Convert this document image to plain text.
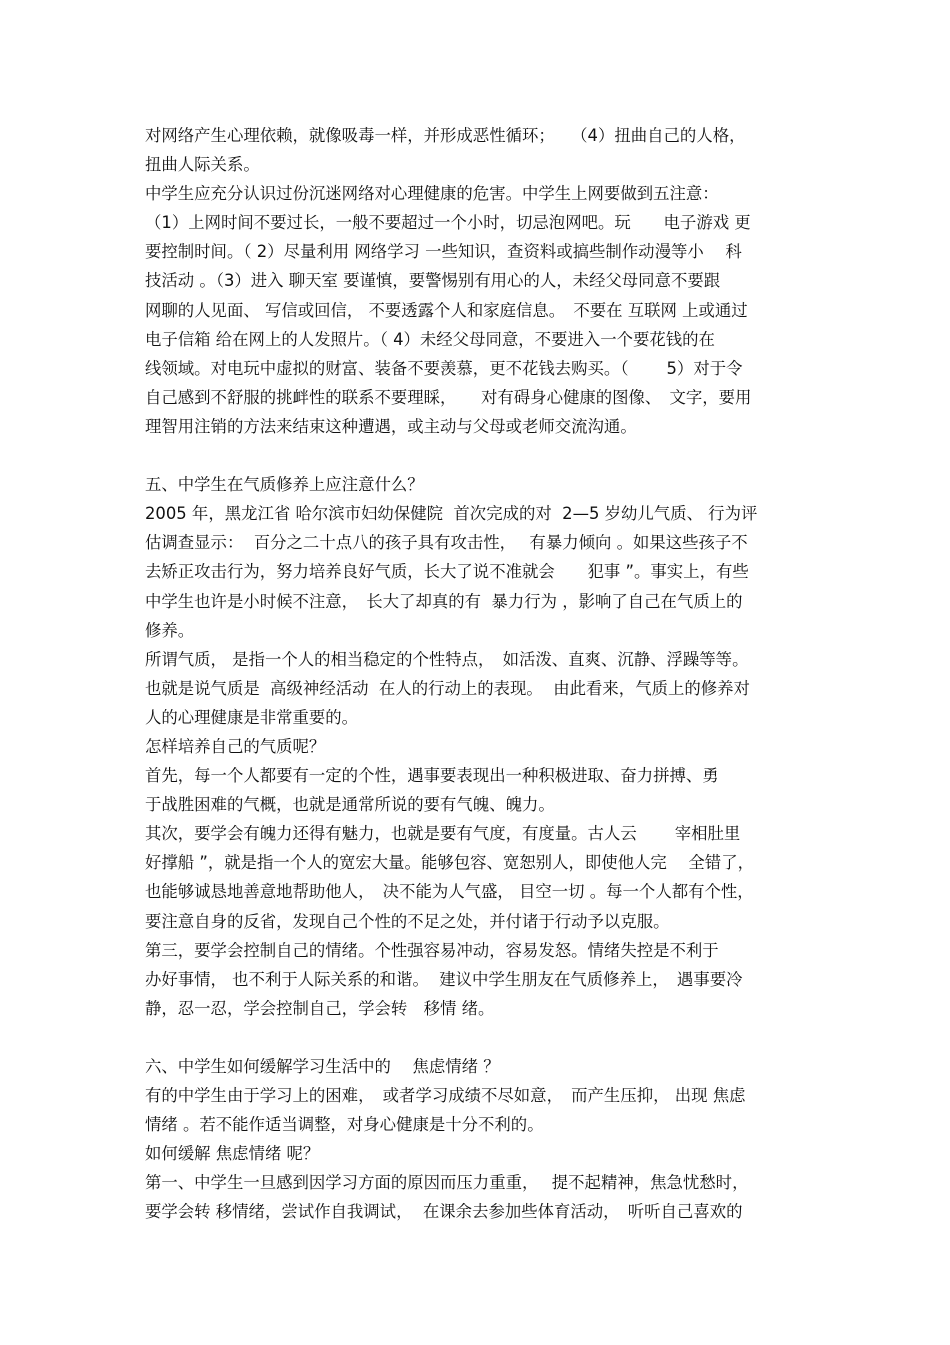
对网络产生心理依赖，就像吸毒一样，并形成恶性循环；　　（4）扭曲自己的人格，
扭曲人际关系。
中学生应充分认识过份沉迷网络对心理健康的危害。中学生上网要做到五注意：
（1）上网时间不要过长，一般不要超过一个小时，切忌泡网吧。玩　　电子游戏 更
要控制时间。（ 2）尽量利用 网络学习 一些知识，查资料或搞些制作动漫等小　 科
技活动 。（3）进入 聊天室 要谨慎，要警惕别有用心的人，未经父母同意不要跟
网聊的人见面、 写信或回信， 不要透露个人和家庭信息。　不要在 互联网 上或通过
电子信箱 给在网上的人发照片。（ 4）未经父母同意，不要进入一个要花钱的在
线领域。对电玩中虚拟的财富、装备不要羡慕，更不花钱去购买。（　　 5）对于令
自己感到不舒服的挑衅性的联系不要理睬，　　对有碍身心健康的图像、　文字，要用
理智用注销的方法来结束这种遭遇，或主动与父母或老师交流沟通。
五、中学生在气质修养上应注意什么？
2005 年，黑龙江省 哈尔滨市妇幼保健院  首次完成的对  2—5 岁幼儿气质、 行为评
估调查显示：  百分之二十点八的孩子具有攻击性，　 有暴力倾向 。如果这些孩子不
去矫正攻击行为，努力培养良好气质，长大了说不准就会　　犯事 ”。事实上，有些
中学生也许是小时候不注意，　长大了却真的有  暴力行为 ，影响了自己在气质上的
修养。
所谓气质， 是指一个人的相当稳定的个性特点，　如活泼、直爽、沉静、浮躁等等。
也就是说气质是  高级神经活动  在人的行动上的表现。  由此看来，气质上的修养对
人的心理健康是非常重要的。
怎样培养自己的气质呢？
首先，每一个人都要有一定的个性，遇事要表现出一种积极进取、奋力拼搏、勇
于战胜困难的气概，也就是通常所说的要有气魄、魄力。
其次，要学会有魄力还得有魅力，也就是要有气度，有度量。古人云　　 宰相肚里
好撑船 ”，就是指一个人的宽宏大量。能够包容、宽恕别人，即使他人完　 全错了，
也能够诚恳地善意地帮助他人，　决不能为人气盛， 目空一切 。每一个人都有个性，
要注意自身的反省，发现自己个性的不足之处，并付诸于行动予以克服。
第三，要学会控制自己的情绪。个性强容易冲动，容易发怒。情绪失控是不利于
办好事情， 也不利于人际关系的和谐。  建议中学生朋友在气质修养上，　遇事要冷
静，忍一忍，学会控制自己，学会转　移情 绪。
六、中学生如何缓解学习生活中的　 焦虑情绪 ？
有的中学生由于学习上的困难，　或者学习成绩不尽如意，　而产生压抑， 出现 焦虑
情绪 。若不能作适当调整，对身心健康是十分不利的。
如何缓解 焦虑情绪 呢？
第一、中学生一旦感到因学习方面的原因而压力重重，　 提不起精神，焦急忧愁时，
要学会转 移情绪，尝试作自我调试，  在课余去参加些体育活动，　听听自己喜欢的
